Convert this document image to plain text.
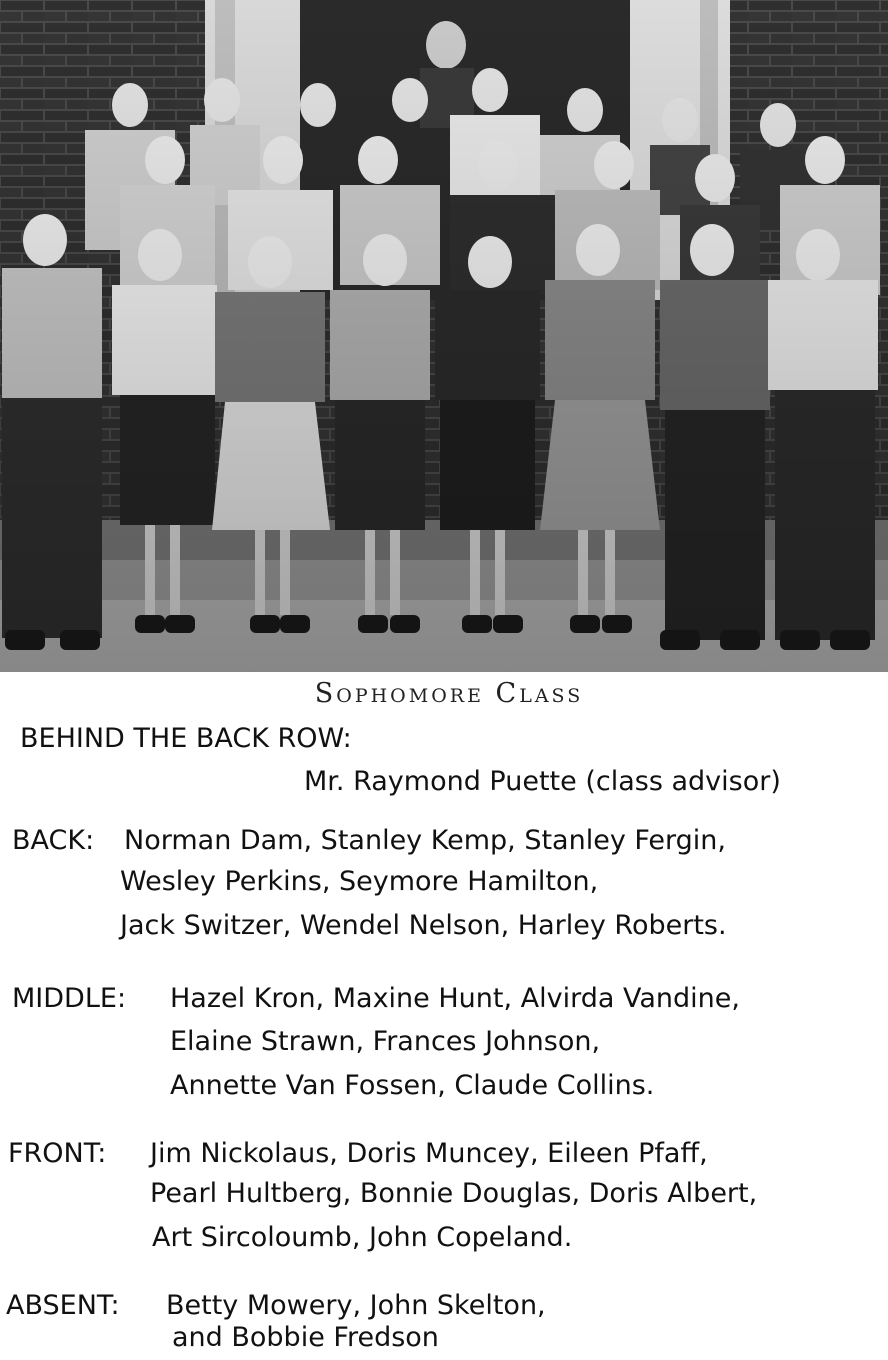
Sophomore Class
BEHIND THE BACK ROW:
Mr. Raymond Puette (class advisor)
BACK: Norman Dam, Stanley Kemp, Stanley Fergin,
Wesley Perkins, Seymore Hamilton,
Jack Switzer, Wendel Nelson, Harley Roberts.
MIDDLE: Hazel Kron, Maxine Hunt, Alvirda Vandine,
Elaine Strawn, Frances Johnson,
Annette Van Fossen, Claude Collins.
FRONT: Jim Nickolaus, Doris Muncey, Eileen Pfaff,
Pearl Hultberg, Bonnie Douglas, Doris Albert,
Art Sircoloumb, John Copeland.
ABSENT: Betty Mowery, John Skelton,
and Bobbie Fredson
